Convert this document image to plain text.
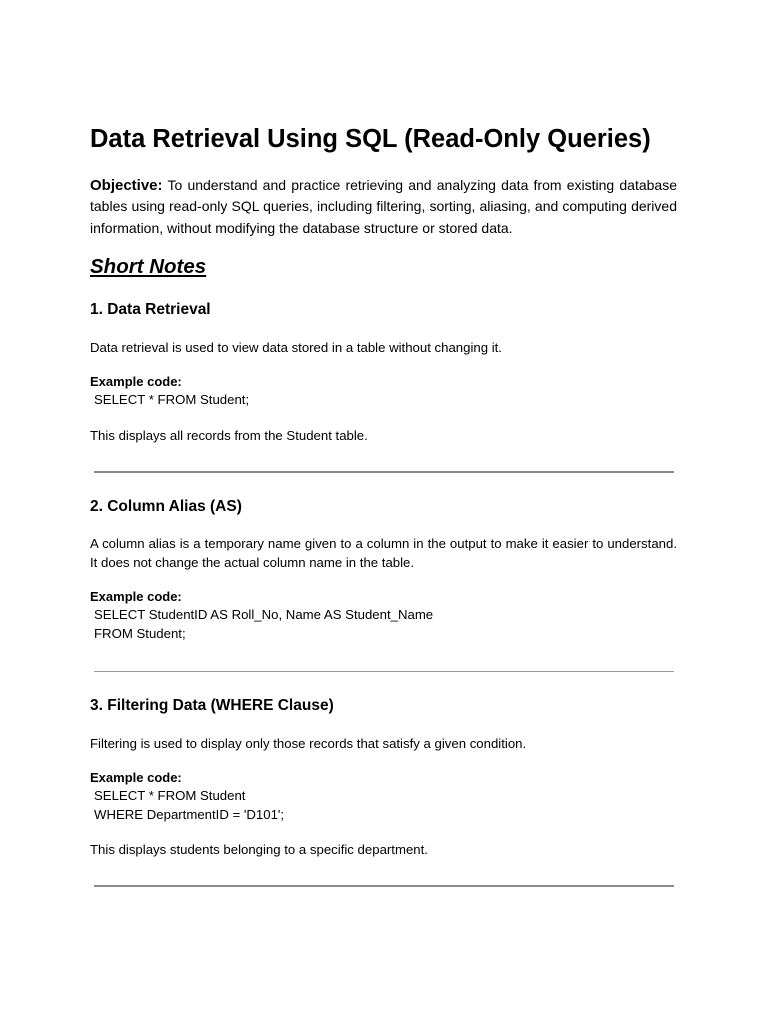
Data Retrieval Using SQL (Read-Only Queries)

Objective: To understand and practice retrieving and analyzing data from existing database tables using read-only SQL queries, including filtering, sorting, aliasing, and computing derived information, without modifying the database structure or stored data.

Short Notes
1. Data Retrieval

Data retrieval is used to view data stored in a table without changing it.

Example code:

SELECT * FROM Student;

This displays all records from the Student table.

2. Column Alias (AS)

A column alias is a temporary name given to a column in the output to make it easier to understand. It does not change the actual column name in the table.

Example code:

SELECT StudentID AS Roll_No, Name AS Student_Name

FROM Student;

3. Filtering Data (WHERE Clause)

Filtering is used to display only those records that satisfy a given condition.

Example code:

SELECT * FROM Student

WHERE DepartmentID = 'D101';

This displays students belonging to a specific department.
